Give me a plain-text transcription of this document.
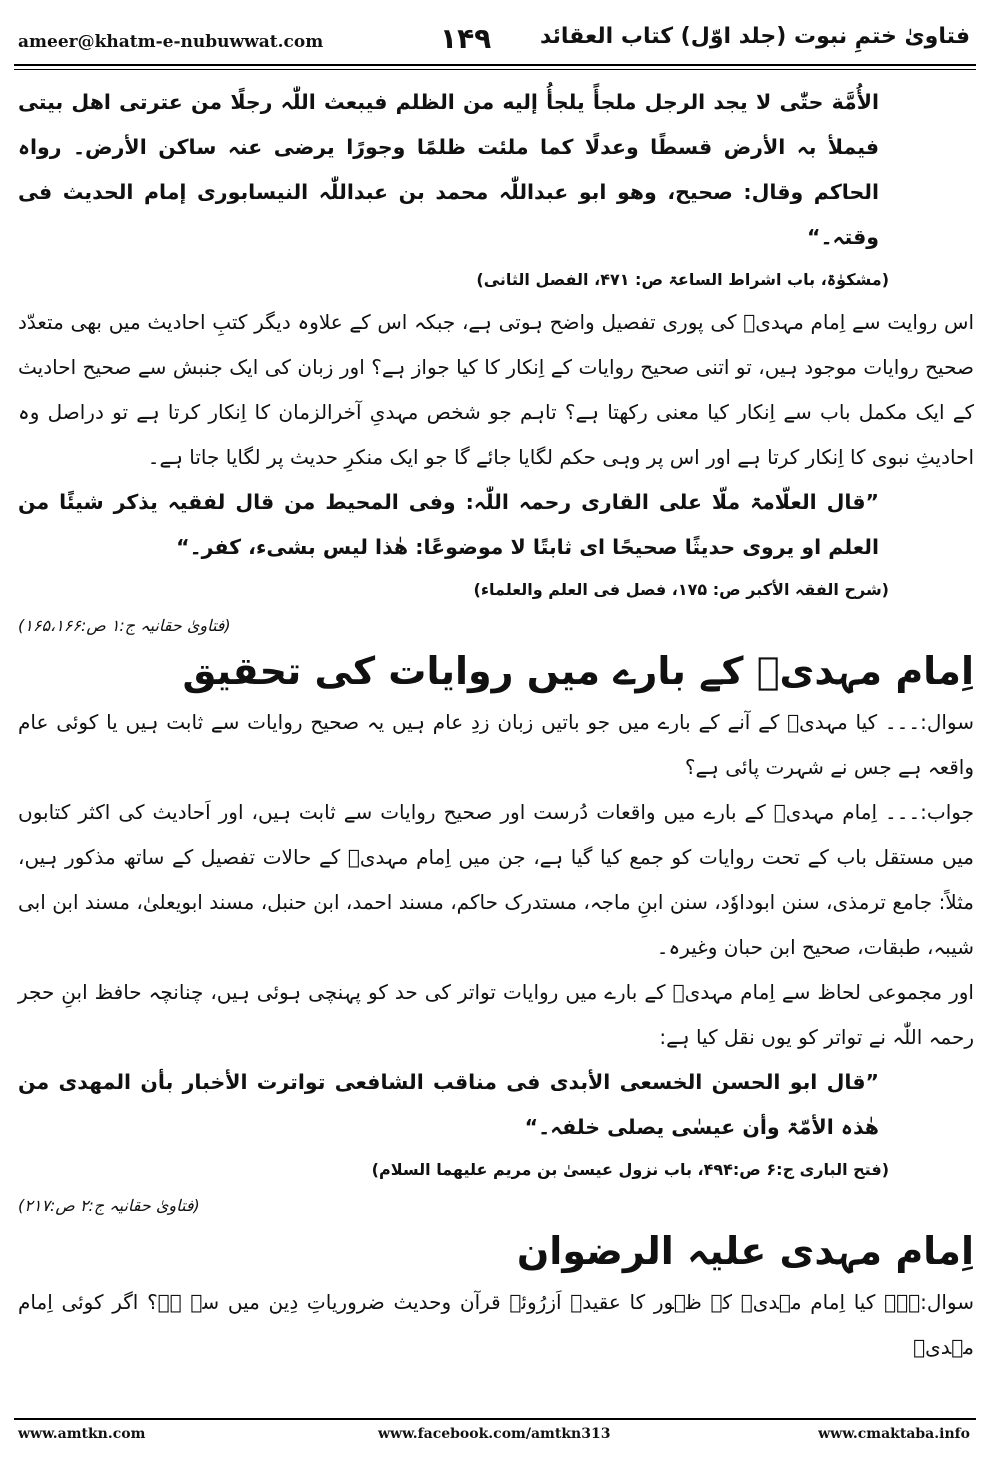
ameer@khatm-e-nubuwwat.com	۱۴۹ فتاویٰ ختمِ نبوت (جلد اوّل) کتاب العقائد

الأُمَّة حتّٰی لا یجد الرجل ملجأً یلجأُ إلیه من الظلم فیبعث اللّٰہ رجلًا من عترتی اھل بیتی فیملأ بہ الأرض قسطًا وعدلًا کما ملئت ظلمًا وجورًا یرضی عنہ ساکن الأرض۔ رواہ الحاکم وقال: صحیح، وھو ابو عبداللّٰہ محمد بن عبداللّٰہ النیسابوری إمام الحدیث فی وقتہ۔“

(مشکوٰۃ، باب اشراط الساعۃ ص: ۴۷۱، الفصل الثانی)

اس روایت سے اِمام مہدیؓ کی پوری تفصیل واضح ہوتی ہے، جبکہ اس کے علاوہ دیگر کتبِ احادیث میں بھی متعدّد صحیح روایات موجود ہیں، تو اتنی صحیح روایات کے اِنکار کا کیا جواز ہے؟ اور زبان کی ایک جنبش سے صحیح احادیث کے ایک مکمل باب سے اِنکار کیا معنی رکھتا ہے؟ تاہم جو شخص مہدیِ آخرالزمان کا اِنکار کرتا ہے تو دراصل وہ احادیثِ نبوی کا اِنکار کرتا ہے اور اس پر وہی حکم لگایا جائے گا جو ایک منکرِ حدیث پر لگایا جاتا ہے۔

”قال العلّامۃ ملّا علی القاری رحمہ اللّٰہ: وفی المحیط من قال لفقیہ یذکر شیئًا من العلم او یروی حدیثًا صحیحًا ای ثابتًا لا موضوعًا: ھٰذا لیس بشیء، کفر۔“

(شرح الفقہ الأکبر ص: ۱۷۵، فصل فی العلم والعلماء)

(فتاویٰ حقانیہ ج:۱ ص:۱۶۵،۱۶۶)

اِمام مہدیؓ کے بارے میں روایات کی تحقیق

سوال:۔۔۔ کیا مہدیؓ کے آنے کے بارے میں جو باتیں زبان زدِ عام ہیں یہ صحیح روایات سے ثابت ہیں یا کوئی عام واقعہ ہے جس نے شہرت پائی ہے؟

جواب:۔۔۔ اِمام مہدیؓ کے بارے میں واقعات دُرست اور صحیح روایات سے ثابت ہیں، اور اَحادیث کی اکثر کتابوں میں مستقل باب کے تحت روایات کو جمع کیا گیا ہے، جن میں اِمام مہدیؓ کے حالات تفصیل کے ساتھ مذکور ہیں، مثلاً: جامع ترمذی، سنن ابوداوٗد، سنن ابنِ ماجہ، مستدرک حاکم، مسند احمد، ابن حنبل، مسند ابویعلیٰ، مسند ابن ابی شیبہ، طبقات، صحیح ابن حبان وغیرہ۔

اور مجموعی لحاظ سے اِمام مہدیؓ کے بارے میں روایات تواتر کی حد کو پہنچی ہوئی ہیں، چنانچہ حافظ ابنِ حجر رحمہ اللّٰہ نے تواتر کو یوں نقل کیا ہے:

”قال ابو الحسن الخسعی الأبدی فی مناقب الشافعی تواترت الأخبار بأن المھدی من ھٰذہ الأمّۃ وأن عیسٰی یصلی خلفہ۔“

(فتح الباری ج:۶ ص:۴۹۴، باب نزول عیسیٰ بن مریم علیھما السلام)

(فتاویٰ حقانیہ ج:۲ ص:۲۱۷)

اِمام مہدی علیہ الرضوان

سوال:۔۔۔ کیا اِمام مہدیؓ کے ظہور کا عقیدہ اَزرُوئے قرآن وحدیث ضروریاتِ دِین میں سے ہے؟ اگر کوئی اِمام مہدیؓ

www.amtkn.com	www.facebook.com/amtkn313	www.cmaktaba.info
